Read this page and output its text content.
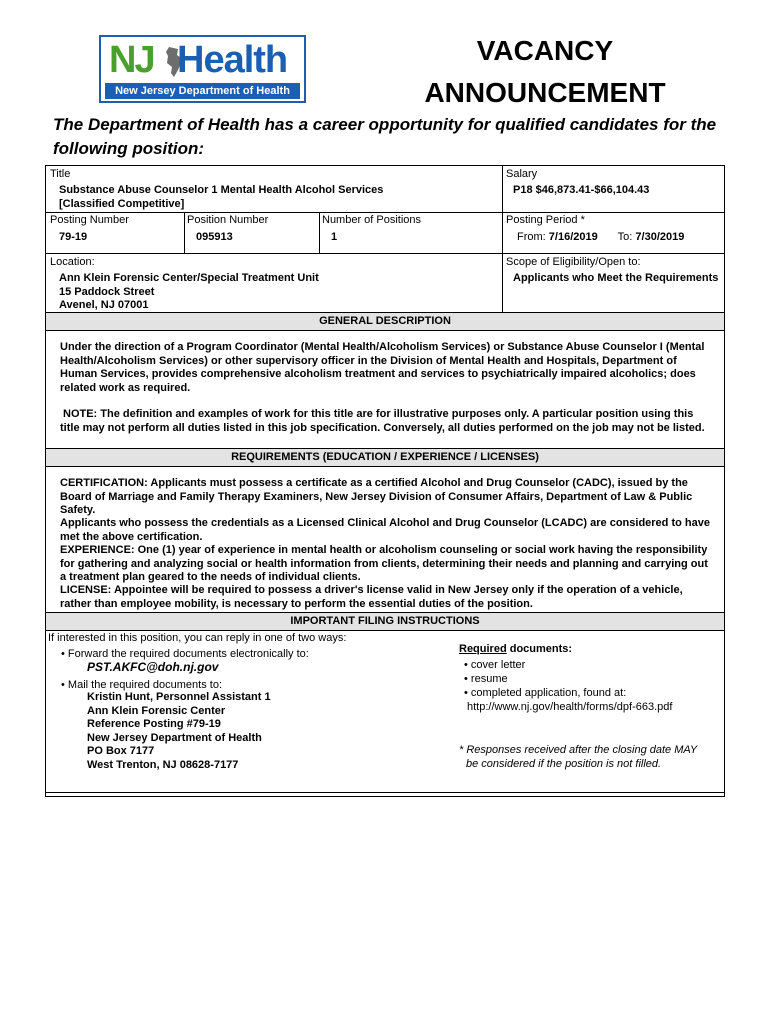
NJ Health
New Jersey Department of Health
VACANCY
ANNOUNCEMENT
The Department of Health has a career opportunity for qualified candidates for the following position:
Title
Substance Abuse Counselor 1 Mental Health Alcohol Services
[Classified Competitive]
Salary
P18 $46,873.41-$66,104.43
Posting Number
79-19
Position Number
095913
Number of Positions
1
Posting Period *
From: 7/16/2019 To: 7/30/2019
Location:
Ann Klein Forensic Center/Special Treatment Unit
15 Paddock Street
Avenel, NJ 07001
Scope of Eligibility/Open to:
Applicants who Meet the Requirements
GENERAL DESCRIPTION
Under the direction of a Program Coordinator (Mental Health/Alcoholism Services) or Substance Abuse Counselor I (Mental Health/Alcoholism Services) or other supervisory officer in the Division of Mental Health and Hospitals, Department of Human Services, provides comprehensive alcoholism treatment and services to psychiatrically impaired alcoholics; does related work as required.
NOTE: The definition and examples of work for this title are for illustrative purposes only. A particular position using this title may not perform all duties listed in this job specification. Conversely, all duties performed on the job may not be listed.
REQUIREMENTS (EDUCATION / EXPERIENCE / LICENSES)
CERTIFICATION: Applicants must possess a certificate as a certified Alcohol and Drug Counselor (CADC), issued by the Board of Marriage and Family Therapy Examiners, New Jersey Division of Consumer Affairs, Department of Law & Public Safety.
Applicants who possess the credentials as a Licensed Clinical Alcohol and Drug Counselor (LCADC) are considered to have met the above certification.
EXPERIENCE: One (1) year of experience in mental health or alcoholism counseling or social work having the responsibility for gathering and analyzing social or health information from clients, determining their needs and planning and carrying out a treatment plan geared to the needs of individual clients.
LICENSE: Appointee will be required to possess a driver's license valid in New Jersey only if the operation of a vehicle, rather than employee mobility, is necessary to perform the essential duties of the position.
IMPORTANT FILING INSTRUCTIONS
If interested in this position, you can reply in one of two ways:
• Forward the required documents electronically to:
PST.AKFC@doh.nj.gov
• Mail the required documents to:
Kristin Hunt, Personnel Assistant 1
Ann Klein Forensic Center
Reference Posting #79-19
New Jersey Department of Health
PO Box 7177
West Trenton, NJ 08628-7177
Required documents:
• cover letter
• resume
• completed application, found at:
http://www.nj.gov/health/forms/dpf-663.pdf
* Responses received after the closing date MAY
be considered if the position is not filled.
